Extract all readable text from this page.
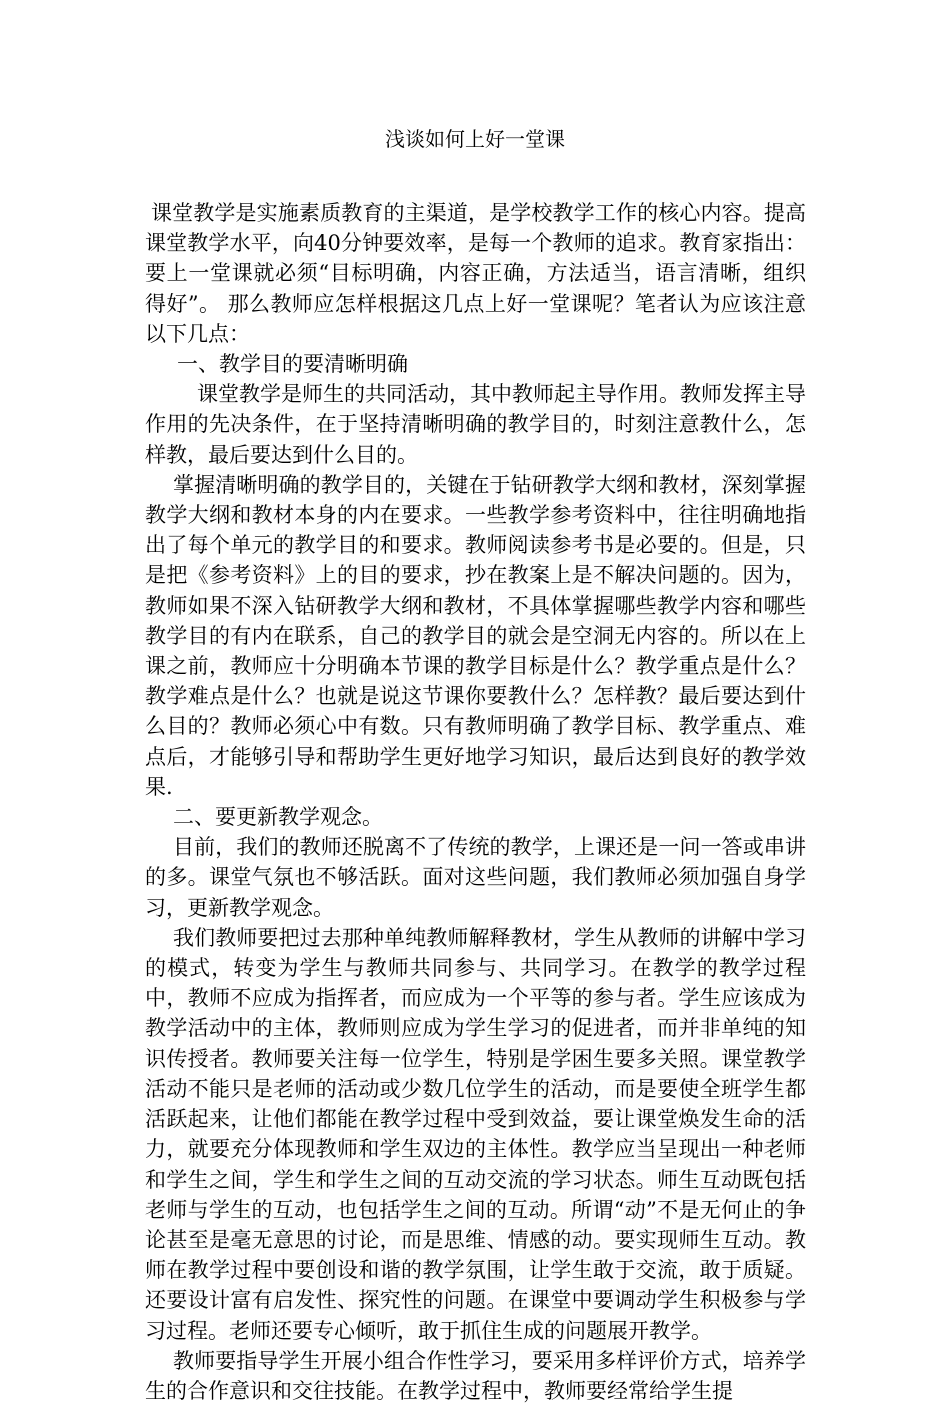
浅谈如何上好一堂课

课堂教学是实施素质教育的主渠道，是学校教学工作的核心内容。提高课堂教学水平，向40分钟要效率，是每一个教师的追求。教育家指出：要上一堂课就必须“目标明确，内容正确，方法适当，语言清晰，组织得好”。 那么教师应怎样根据这几点上好一堂课呢？笔者认为应该注意以下几点：

一、教学目的要清晰明确

课堂教学是师生的共同活动，其中教师起主导作用。教师发挥主导作用的先决条件，在于坚持清晰明确的教学目的，时刻注意教什么，怎样教，最后要达到什么目的。

掌握清晰明确的教学目的，关键在于钻研教学大纲和教材，深刻掌握教学大纲和教材本身的内在要求。一些教学参考资料中，往往明确地指出了每个单元的教学目的和要求。教师阅读参考书是必要的。但是，只是把《参考资料》上的目的要求，抄在教案上是不解决问题的。因为，教师如果不深入钻研教学大纲和教材，不具体掌握哪些教学内容和哪些教学目的有内在联系，自己的教学目的就会是空洞无内容的。所以在上课之前，教师应十分明确本节课的教学目标是什么？教学重点是什么？教学难点是什么？也就是说这节课你要教什么？怎样教？最后要达到什么目的？教师必须心中有数。只有教师明确了教学目标、教学重点、难点后，才能够引导和帮助学生更好地学习知识，最后达到良好的教学效果.

二、要更新教学观念。

目前，我们的教师还脱离不了传统的教学，上课还是一问一答或串讲的多。课堂气氛也不够活跃。面对这些问题，我们教师必须加强自身学习，更新教学观念。

我们教师要把过去那种单纯教师解释教材，学生从教师的讲解中学习的模式，转变为学生与教师共同参与、共同学习。在教学的教学过程中，教师不应成为指挥者，而应成为一个平等的参与者。学生应该成为教学活动中的主体，教师则应成为学生学习的促进者，而并非单纯的知识传授者。教师要关注每一位学生，特别是学困生要多关照。课堂教学活动不能只是老师的活动或少数几位学生的活动，而是要使全班学生都活跃起来，让他们都能在教学过程中受到效益，要让课堂焕发生命的活力，就要充分体现教师和学生双边的主体性。教学应当呈现出一种老师和学生之间，学生和学生之间的互动交流的学习状态。师生互动既包括老师与学生的互动，也包括学生之间的互动。所谓“动”不是无何止的争论甚至是毫无意思的讨论，而是思维、情感的动。要实现师生互动。教师在教学过程中要创设和谐的教学氛围，让学生敢于交流，敢于质疑。还要设计富有启发性、探究性的问题。在课堂中要调动学生积极参与学习过程。老师还要专心倾听，敢于抓住生成的问题展开教学。

教师要指导学生开展小组合作性学习，要采用多样评价方式，培养学生的合作意识和交往技能。在教学过程中，教师要经常给学生提
